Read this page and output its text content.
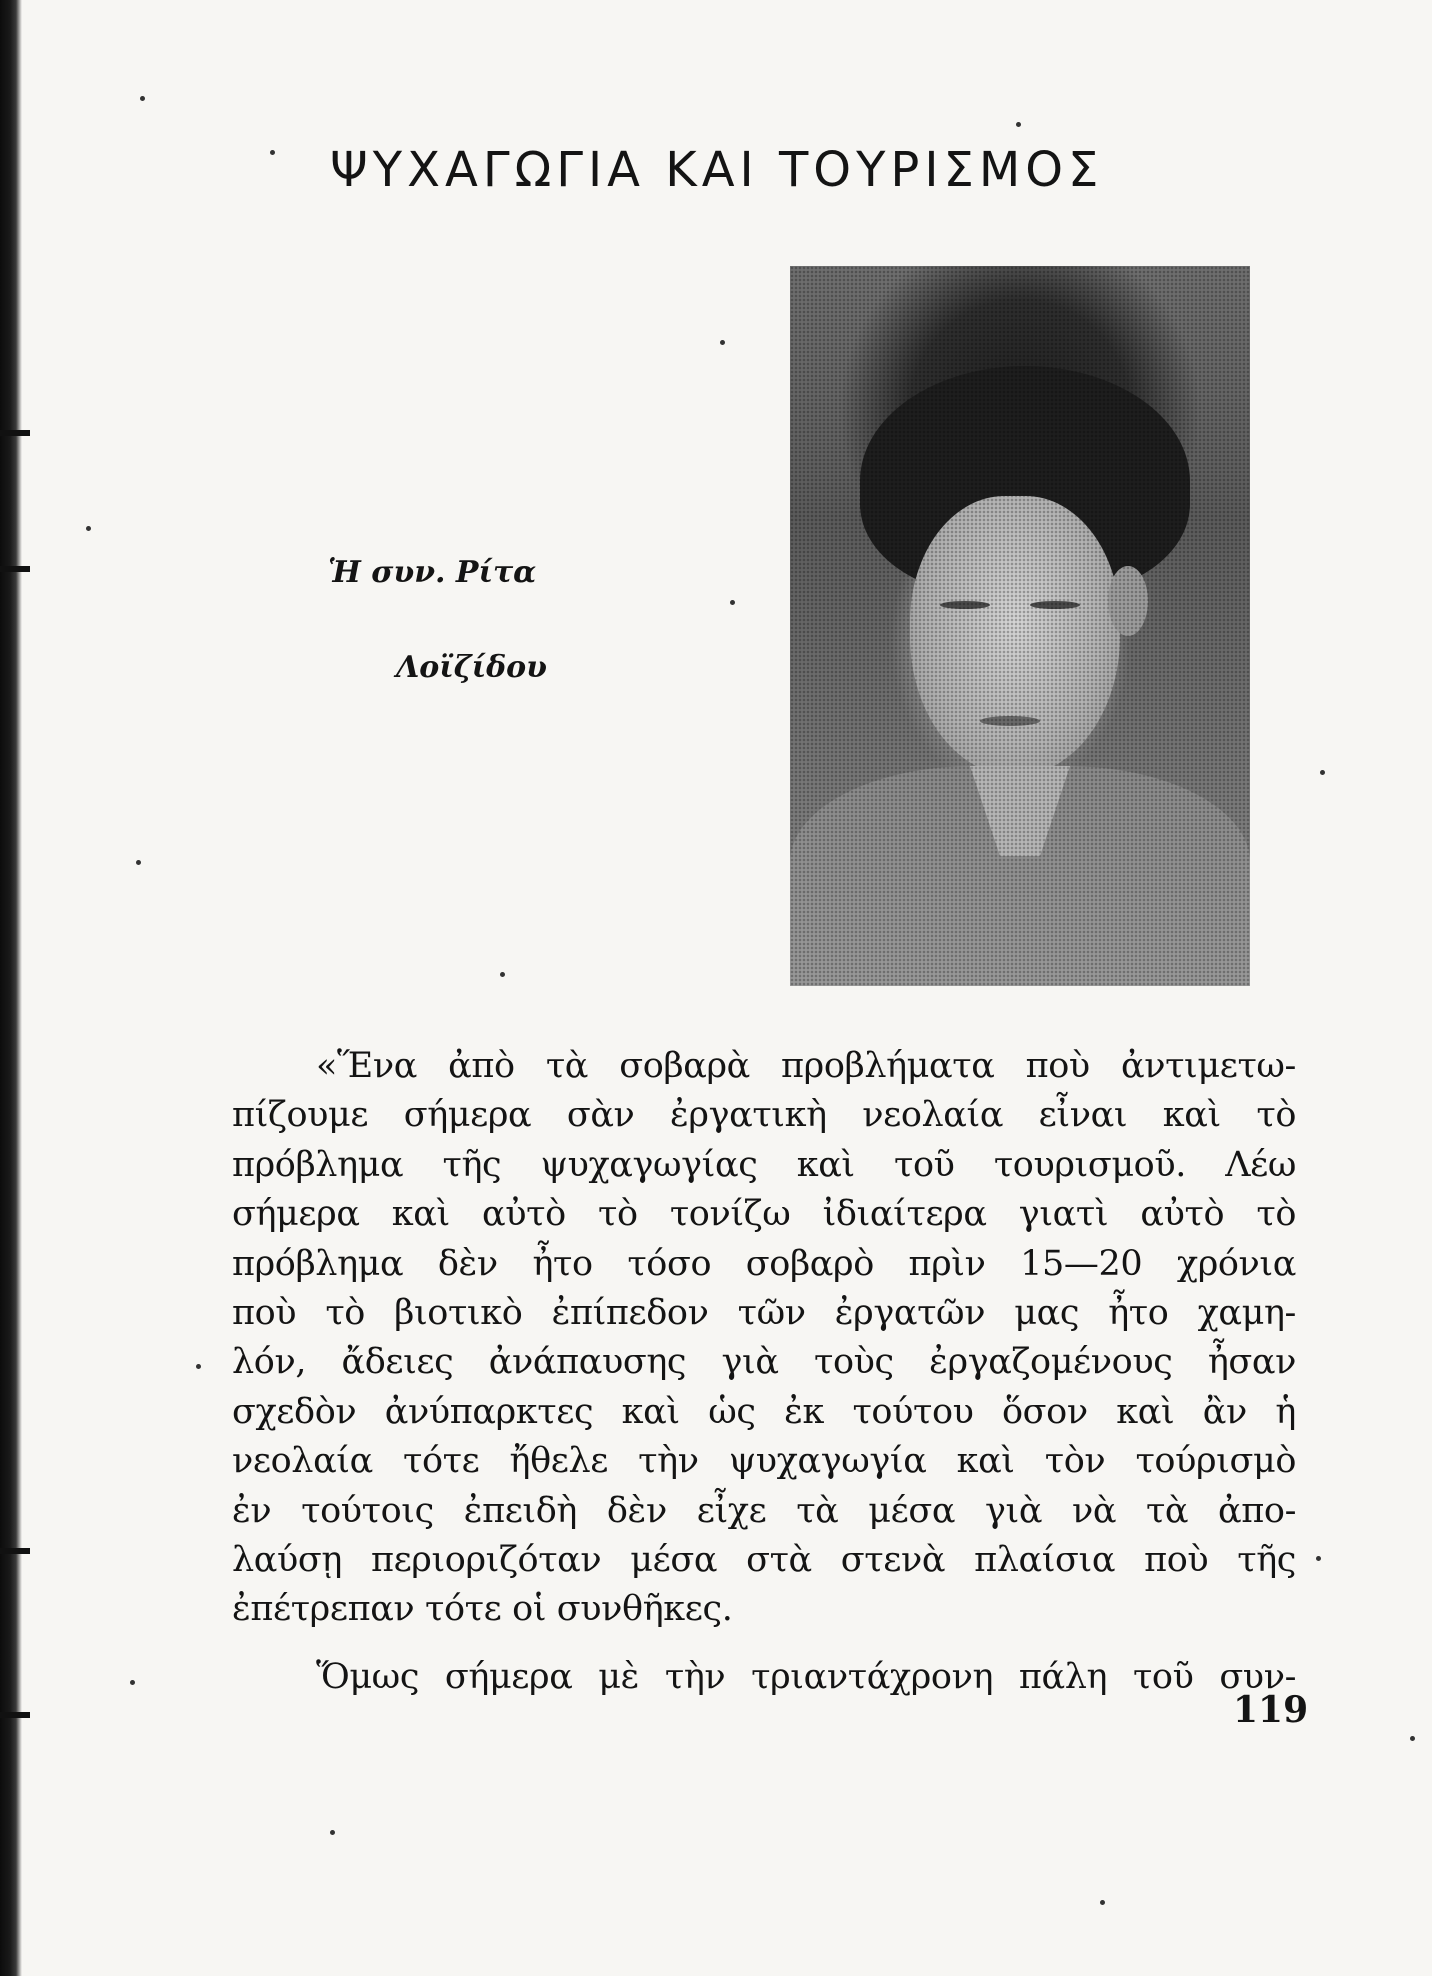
ΨΥΧΑΓΩΓΙΑ ΚΑΙ ΤΟΥΡΙΣΜΟΣ
Ἡ συν. Ρίτα
Λοϊζίδου
«Ἕνα ἀπὸ τὰ σοβαρὰ προβλήματα ποὺ ἀντιμετω-
πίζουμε σήμερα σὰν ἐργατικὴ νεολαία εἶναι καὶ τὸ
πρόβλημα τῆς ψυχαγωγίας καὶ τοῦ τουρισμοῦ. Λέω
σήμερα καὶ αὐτὸ τὸ τονίζω ἰδιαίτερα γιατὶ αὐτὸ τὸ
πρόβλημα δὲν ἦτο τόσο σοβαρὸ πρὶν 15—20 χρόνια
ποὺ τὸ βιοτικὸ ἐπίπεδον τῶν ἐργατῶν μας ἦτο χαμη-
λόν, ἄδειες ἀνάπαυσης γιὰ τοὺς ἐργαζομένους ἦσαν
σχεδὸν ἀνύπαρκτες καὶ ὡς ἐκ τούτου ὅσον καὶ ἂν ἡ
νεολαία τότε ἤθελε τὴν ψυχαγωγία καὶ τὸν τούρισμὸ
ἐν τούτοις ἐπειδὴ δὲν εἶχε τὰ μέσα γιὰ νὰ τὰ ἀπο-
λαύσῃ περιοριζόταν μέσα στὰ στενὰ πλαίσια ποὺ τῆς
ἐπέτρεπαν τότε οἱ συνθῆκες.
Ὅμως σήμερα μὲ τὴν τριαντάχρονη πάλη τοῦ συν-
119
